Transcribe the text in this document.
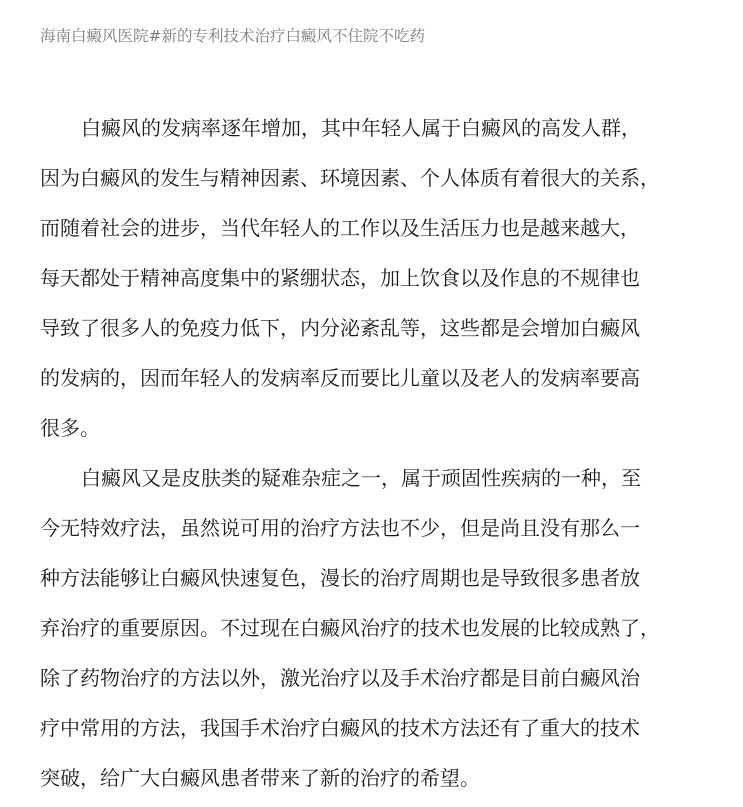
海南白癜风医院#新的专利技术治疗白癜风不住院不吃药
白癜风的发病率逐年增加，其中年轻人属于白癜风的高发人群，
因为白癜风的发生与精神因素、环境因素、个人体质有着很大的关系，
而随着社会的进步，当代年轻人的工作以及生活压力也是越来越大，
每天都处于精神高度集中的紧绷状态，加上饮食以及作息的不规律也
导致了很多人的免疫力低下，内分泌紊乱等，这些都是会增加白癜风
的发病的，因而年轻人的发病率反而要比儿童以及老人的发病率要高
很多。
白癜风又是皮肤类的疑难杂症之一，属于顽固性疾病的一种，至
今无特效疗法，虽然说可用的治疗方法也不少，但是尚且没有那么一
种方法能够让白癜风快速复色，漫长的治疗周期也是导致很多患者放
弃治疗的重要原因。不过现在白癜风治疗的技术也发展的比较成熟了，
除了药物治疗的方法以外，激光治疗以及手术治疗都是目前白癜风治
疗中常用的方法，我国手术治疗白癜风的技术方法还有了重大的技术
突破，给广大白癜风患者带来了新的治疗的希望。
